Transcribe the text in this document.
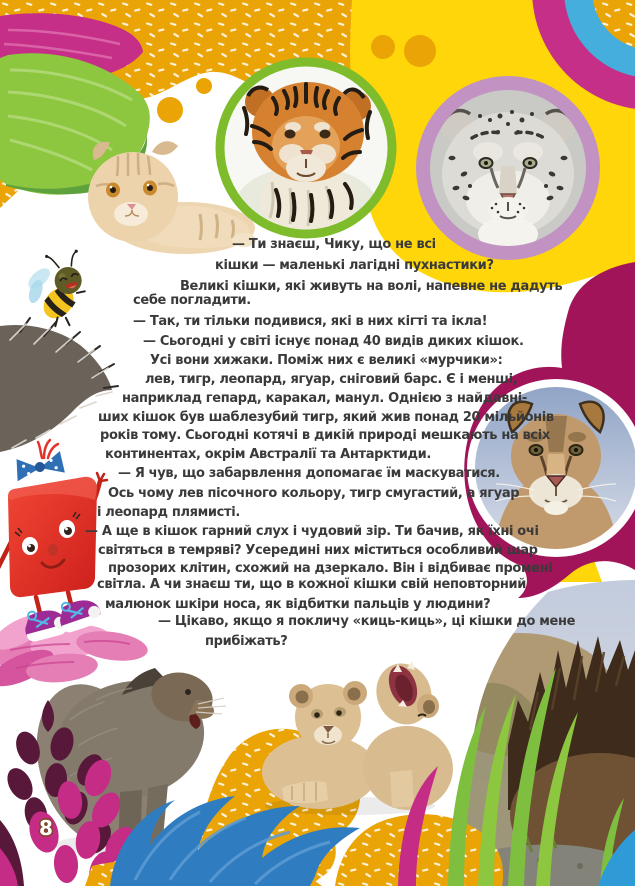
— Ти знаєш, Чику, що не всі
кішки — маленькі лагідні пухнастики?
Великі кішки, які живуть на волі, напевне не дадуть
себе погладити.
— Так, ти тільки подивися, які в них кігті та ікла!
— Сьогодні у світі існує понад 40 видів диких кішок.
Усі вони хижаки. Поміж них є великі «мурчики»:
лев, тигр, леопард, ягуар, сніговий барс. Є і менші,
наприклад гепард, каракал, манул. Однією з найдавні-
ших кішок був шаблезубий тигр, який жив понад 20 мільйонів
років тому. Сьогодні котячі в дикій природі мешкають на всіх
континентах, окрім Австралії та Антарктиди.
— Я чув, що забарвлення допомагає їм маскуватися.
Ось чому лев пісочного кольору, тигр смугастий, а ягуар
і леопард плямисті.
— А ще в кішок гарний слух і чудовий зір. Ти бачив, як їхні очі
світяться в темряві? Усередині них міститься особливий шар
прозорих клітин, схожий на дзеркало. Він і відбиває промені
світла. А чи знаєш ти, що в кожної кішки свій неповторний
малюнок шкіри носа, як відбитки пальців у людини?
— Цікаво, якщо я покличу «киць-киць», ці кішки до мене
прибіжать?
8
